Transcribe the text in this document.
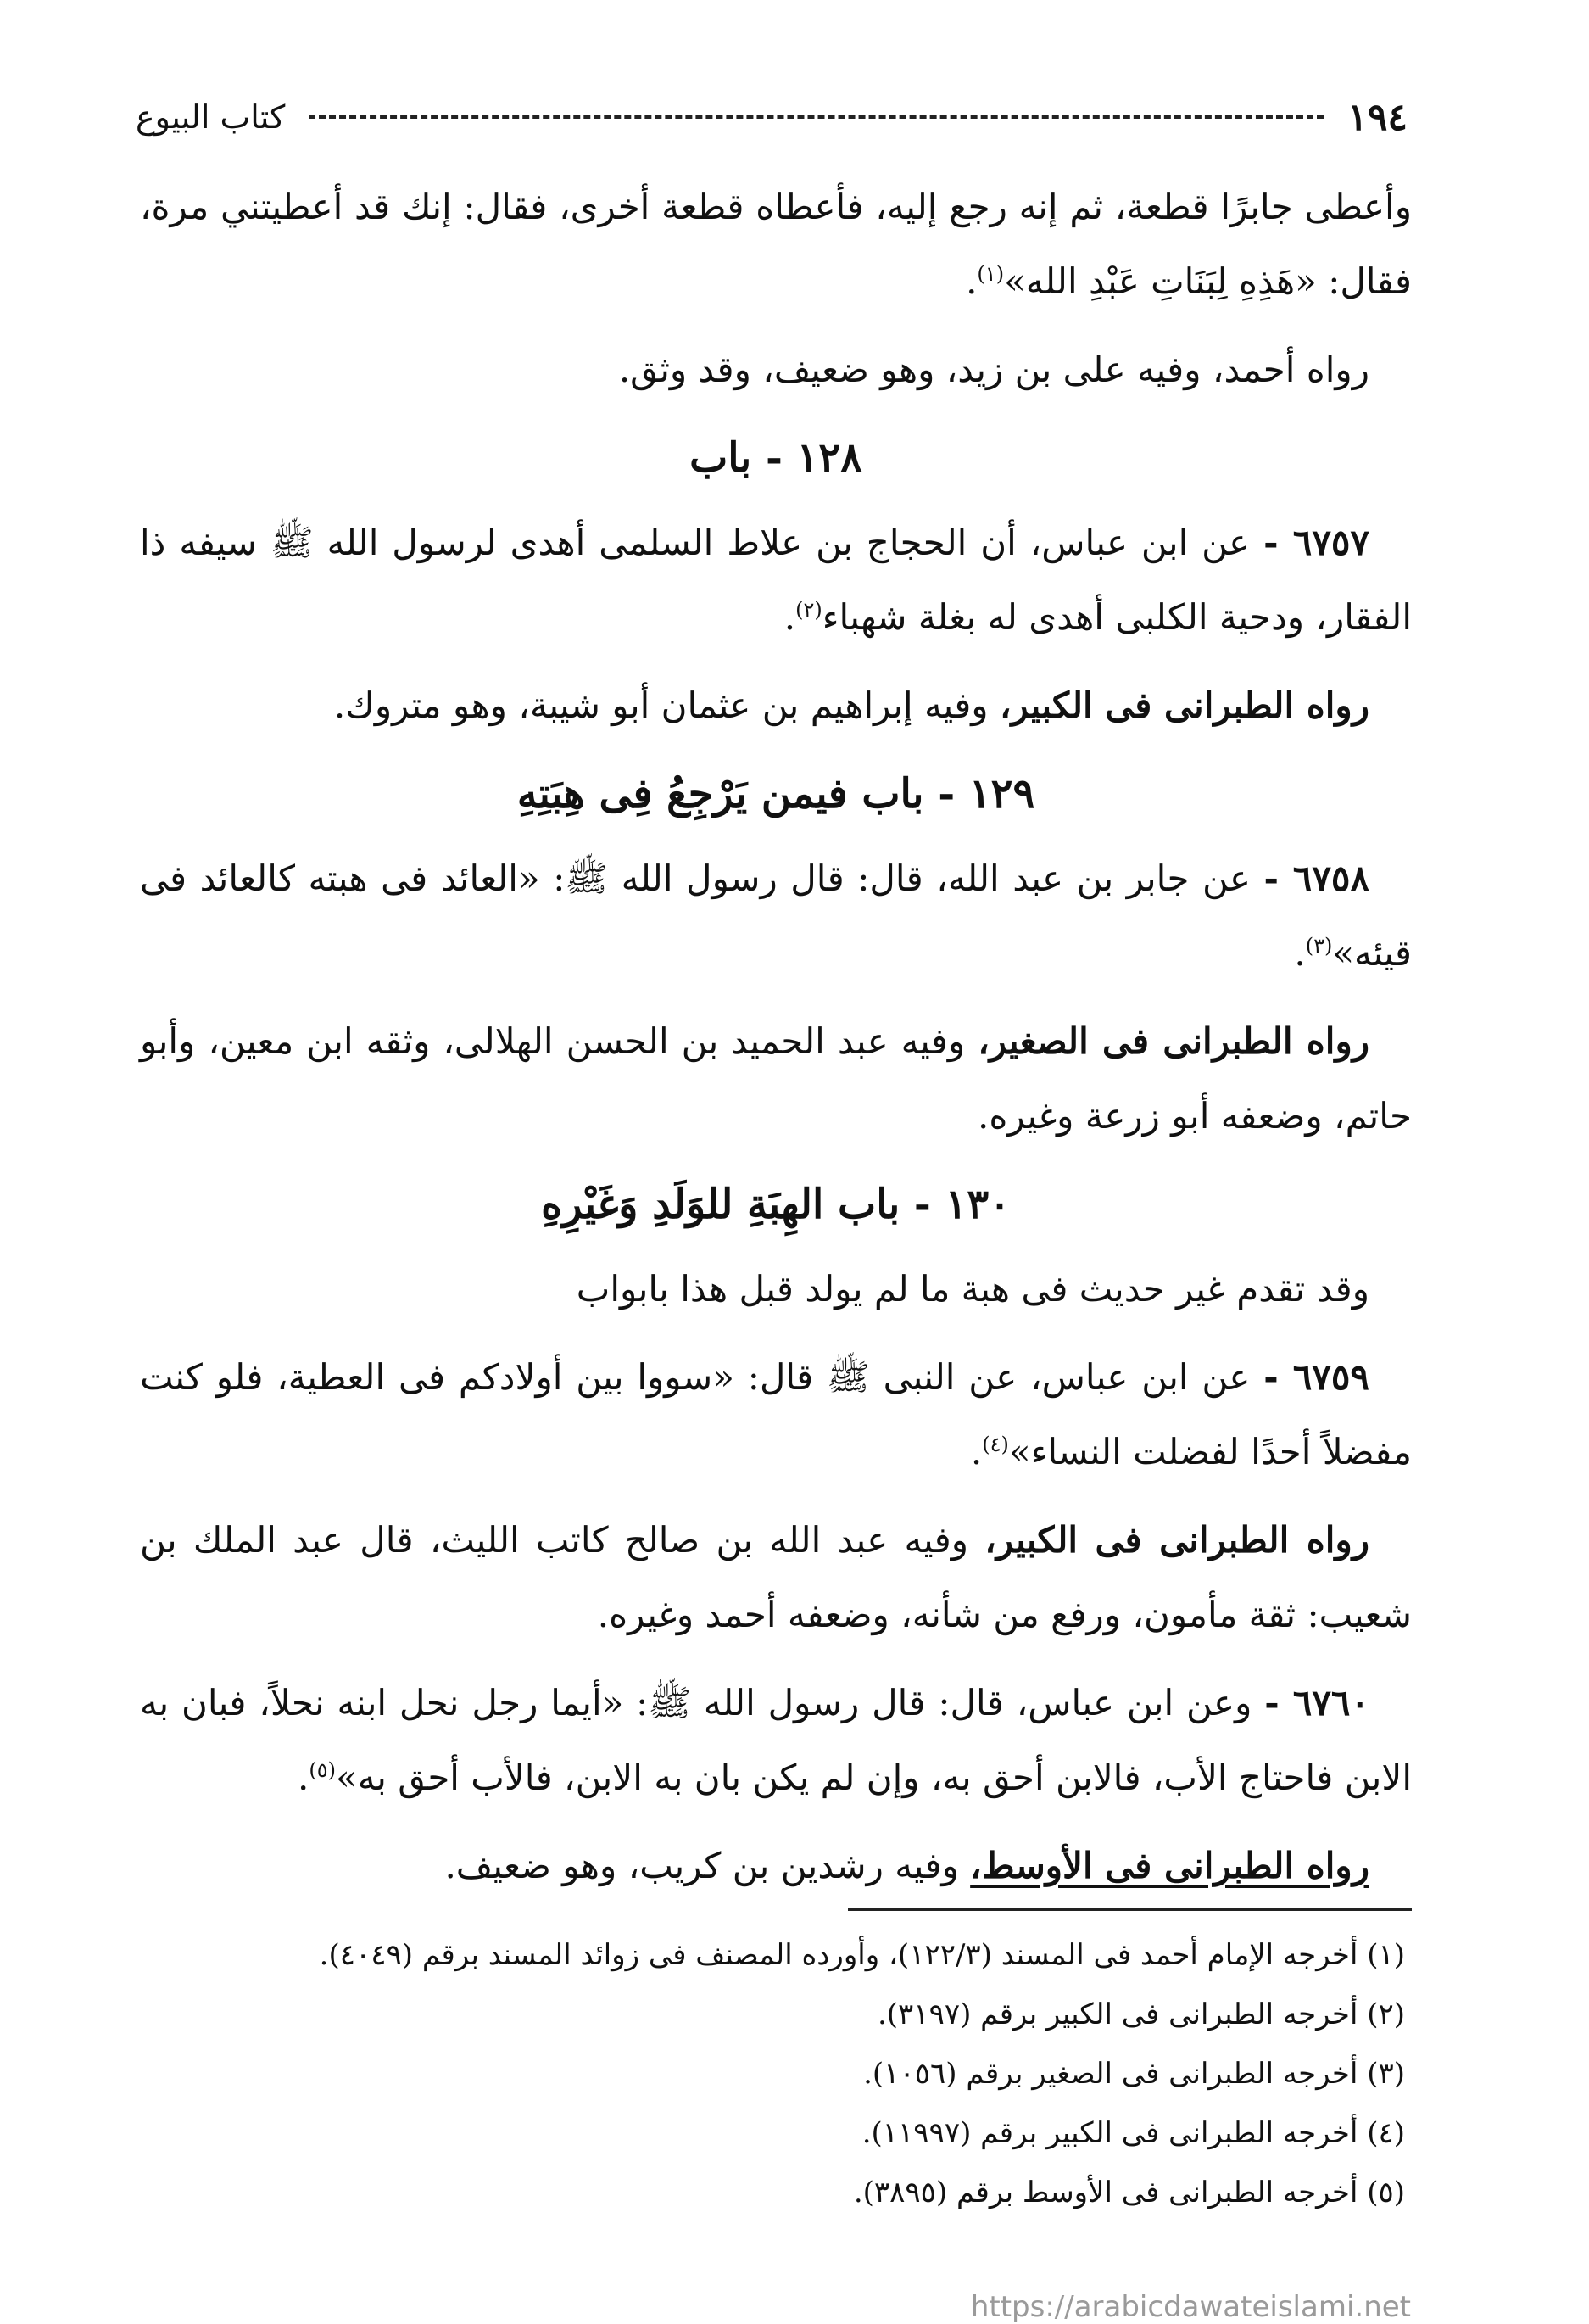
١٩٤
كتاب البيوع

وأعطى جابرًا قطعة، ثم إنه رجع إليه، فأعطاه قطعة أخرى، فقال: إنك قد أعطيتني مرة، فقال: «هَذِهِ لِبَنَاتِ عَبْدِ الله»$^{(١)}$.

رواه أحمد، وفيه على بن زيد، وهو ضعيف، وقد وثق.

١٢٨ - باب

٦٧٥٧ - عن ابن عباس، أن الحجاج بن علاط السلمى أهدى لرسول الله ﷺ سيفه ذا الفقار، ودحية الكلبى أهدى له بغلة شهباء$^{(٢)}$.

رواه الطبرانى فى الكبير، وفيه إبراهيم بن عثمان أبو شيبة، وهو متروك.

١٢٩ - باب فيمن يَرْجِعُ فِى هِبَتِهِ

٦٧٥٨ - عن جابر بن عبد الله، قال: قال رسول الله ﷺ: «العائد فى هبته كالعائد فى قيئه»$^{(٣)}$.

رواه الطبرانى فى الصغير، وفيه عبد الحميد بن الحسن الهلالى، وثقه ابن معين، وأبو حاتم، وضعفه أبو زرعة وغيره.

١٣٠ - باب الهِبَةِ للوَلَدِ وَغَيْرِهِ

وقد تقدم غير حديث فى هبة ما لم يولد قبل هذا بابواب

٦٧٥٩ - عن ابن عباس، عن النبى ﷺ قال: «سووا بين أولادكم فى العطية، فلو كنت مفضلاً أحدًا لفضلت النساء»$^{(٤)}$.

رواه الطبرانى فى الكبير، وفيه عبد الله بن صالح كاتب الليث، قال عبد الملك بن شعيب: ثقة مأمون، ورفع من شأنه، وضعفه أحمد وغيره.

٦٧٦٠ - وعن ابن عباس، قال: قال رسول الله ﷺ: «أيما رجل نحل ابنه نحلاً، فبان به الابن فاحتاج الأب، فالابن أحق به، وإن لم يكن بان به الابن، فالأب أحق به»$^{(٥)}$.

رواه الطبرانى فى الأوسط، وفيه رشدين بن كريب، وهو ضعيف.

(١) أخرجه الإمام أحمد فى المسند (١٢٢/٣)، وأورده المصنف فى زوائد المسند برقم (٤٠٤٩).

(٢) أخرجه الطبرانى فى الكبير برقم (٣١٩٧).

(٣) أخرجه الطبرانى فى الصغير برقم (١٠٥٦).

(٤) أخرجه الطبرانى فى الكبير برقم (١١٩٩٧).

(٥) أخرجه الطبرانى فى الأوسط برقم (٣٨٩٥).

https://arabicdawateislami.net
